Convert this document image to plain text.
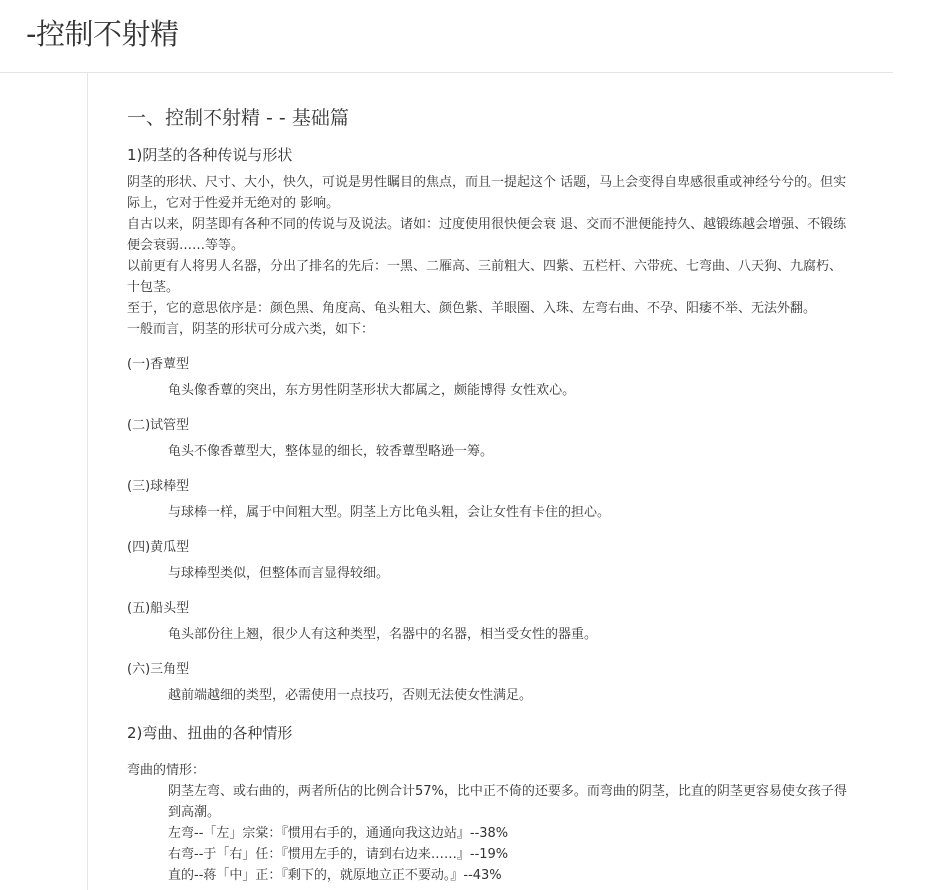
-控制不射精
一、控制不射精 - - 基础篇
1)阴茎的各种传说与形状

阴茎的形状、尺寸、大小，快久，可说是男性瞩目的焦点，而且一提起这个 话题，马上会变得自卑感很重或神经兮兮的。但实际上，它对于性爱并无绝对的 影响。

自古以来，阴茎即有各种不同的传说与及说法。诸如：过度使用很快便会衰 退、交而不泄便能持久、越锻练越会增强、不锻练便会衰弱……等等。

以前更有人将男人名器，分出了排名的先后：一黑、二雁高、三前粗大、四紫、五栏杆、六带疣、七弯曲、八天狗、九腐朽、十包茎。

至于，它的意思依序是：颜色黑、角度高、龟头粗大、颜色紫、羊眼圈、入珠、左弯右曲、不孕、阳痿不举、无法外翻。

一般而言，阴茎的形状可分成六类，如下：

(一)香蕈型
龟头像香蕈的突出，东方男性阴茎形状大都属之，颇能博得 女性欢心。
(二)试管型
龟头不像香蕈型大，整体显的细长，较香蕈型略逊一筹。
(三)球棒型
与球棒一样，属于中间粗大型。阴茎上方比龟头粗，会让女性有卡住的担心。
(四)黄瓜型
与球棒型类似，但整体而言显得较细。
(五)船头型
龟头部份往上翘，很少人有这种类型，名器中的名器，相当受女性的器重。
(六)三角型
越前端越细的类型，必需使用一点技巧，否则无法使女性满足。
2)弯曲、扭曲的各种情形
弯曲的情形：
阴茎左弯、或右曲的，两者所佔的比例合计57%，比中正不倚的还要多。而弯曲的阴茎，比直的阴茎更容易使女孩子得到高潮。
左弯--「左」宗棠：『惯用右手的，通通向我这边站』--38%
右弯--于「右」任：『惯用左手的，请到右边来……』--19%
直的--蒋「中」正：『剩下的，就原地立正不要动。』--43%
